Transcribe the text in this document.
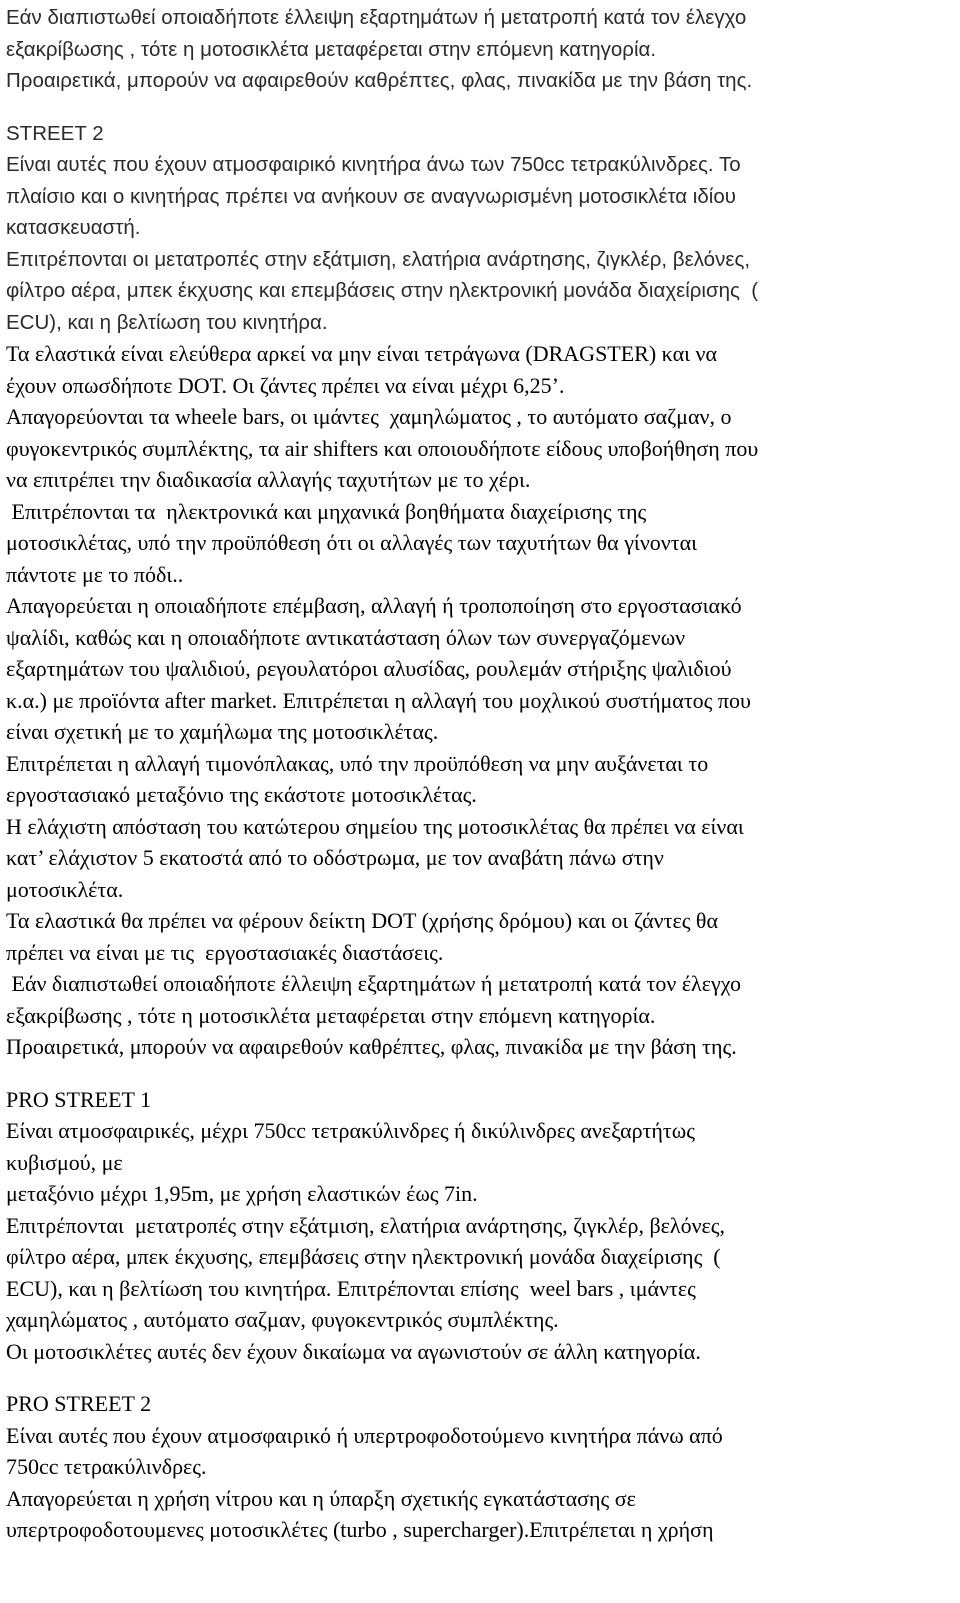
Εάν διαπιστωθεί οποιαδήποτε έλλειψη εξαρτημάτων ή μετατροπή κατά τον έλεγχο
εξακρίβωσης , τότε η μοτοσικλέτα μεταφέρεται στην επόμενη κατηγορία.
Προαιρετικά, μπορούν να αφαιρεθούν καθρέπτες, φλας, πινακίδα με την βάση της.
STREET 2
Είναι αυτές που έχουν ατμοσφαιρικό κινητήρα άνω των 750cc τετρακύλινδρες. Το
πλαίσιο και ο κινητήρας πρέπει να ανήκουν σε αναγνωρισμένη μοτοσικλέτα ιδίου
κατασκευαστή.
Επιτρέπονται οι μετατροπές στην εξάτμιση, ελατήρια ανάρτησης, ζιγκλέρ, βελόνες,
φίλτρο αέρα, μπεκ έκχυσης και επεμβάσεις στην ηλεκτρονική μονάδα διαχείρισης  (
ECU), και η βελτίωση του κινητήρα.
Τα ελαστικά είναι ελεύθερα αρκεί να μην είναι τετράγωνα (DRAGSTER) και να
έχουν οπωσδήποτε DOT. Οι ζάντες πρέπει να είναι μέχρι 6,25’.
Απαγορεύονται τα wheele bars, οι ιμάντες  χαμηλώματος , το αυτόματο σαζμαν, ο
φυγοκεντρικός συμπλέκτης, τα air shifters και οποιουδήποτε είδους υποβοήθηση που
να επιτρέπει την διαδικασία αλλαγής ταχυτήτων με το χέρι.
Επιτρέπονται τα  ηλεκτρονικά και μηχανικά βοηθήματα διαχείρισης της
μοτοσικλέτας, υπό την προϋπόθεση ότι οι αλλαγές των ταχυτήτων θα γίνονται
πάντοτε με το πόδι..
Απαγορεύεται η οποιαδήποτε επέμβαση, αλλαγή ή τροποποίηση στο εργοστασιακό
ψαλίδι, καθώς και η οποιαδήποτε αντικατάσταση όλων των συνεργαζόμενων
εξαρτημάτων του ψαλιδιού, ρεγουλατόροι αλυσίδας, ρουλεμάν στήριξης ψαλιδιού
κ.α.) με προϊόντα after market. Επιτρέπεται η αλλαγή του μοχλικού συστήματος που
είναι σχετική με το χαμήλωμα της μοτοσικλέτας.
Επιτρέπεται η αλλαγή τιμονόπλακας, υπό την προϋπόθεση να μην αυξάνεται το
εργοστασιακό μεταξόνιο της εκάστοτε μοτοσικλέτας.
Η ελάχιστη απόσταση του κατώτερου σημείου της μοτοσικλέτας θα πρέπει να είναι
κατ’ ελάχιστον 5 εκατοστά από το οδόστρωμα, με τον αναβάτη πάνω στην
μοτοσικλέτα.
Τα ελαστικά θα πρέπει να φέρουν δείκτη DOT (χρήσης δρόμου) και οι ζάντες θα
πρέπει να είναι με τις  εργοστασιακές διαστάσεις.
Εάν διαπιστωθεί οποιαδήποτε έλλειψη εξαρτημάτων ή μετατροπή κατά τον έλεγχο
εξακρίβωσης , τότε η μοτοσικλέτα μεταφέρεται στην επόμενη κατηγορία.
Προαιρετικά, μπορούν να αφαιρεθούν καθρέπτες, φλας, πινακίδα με την βάση της.
PRO STREET 1
Είναι ατμοσφαιρικές, μέχρι 750cc τετρακύλινδρες ή δικύλινδρες ανεξαρτήτως
κυβισμού, με
μεταξόνιο μέχρι 1,95m, με χρήση ελαστικών έως 7in.
Επιτρέπονται  μετατροπές στην εξάτμιση, ελατήρια ανάρτησης, ζιγκλέρ, βελόνες,
φίλτρο αέρα, μπεκ έκχυσης, επεμβάσεις στην ηλεκτρονική μονάδα διαχείρισης  (
ECU), και η βελτίωση του κινητήρα. Επιτρέπονται επίσης  weel bars , ιμάντες
χαμηλώματος , αυτόματο σαζμαν, φυγοκεντρικός συμπλέκτης.
Οι μοτοσικλέτες αυτές δεν έχουν δικαίωμα να αγωνιστούν σε άλλη κατηγορία.
PRO STREET 2
Είναι αυτές που έχουν ατμοσφαιρικό ή υπερτροφοδοτούμενο κινητήρα πάνω από
750cc τετρακύλινδρες.
Απαγορεύεται η χρήση νίτρου και η ύπαρξη σχετικής εγκατάστασης σε
υπερτροφοδοτουμενες μοτοσικλέτες (turbo , supercharger).Επιτρέπεται η χρήση
